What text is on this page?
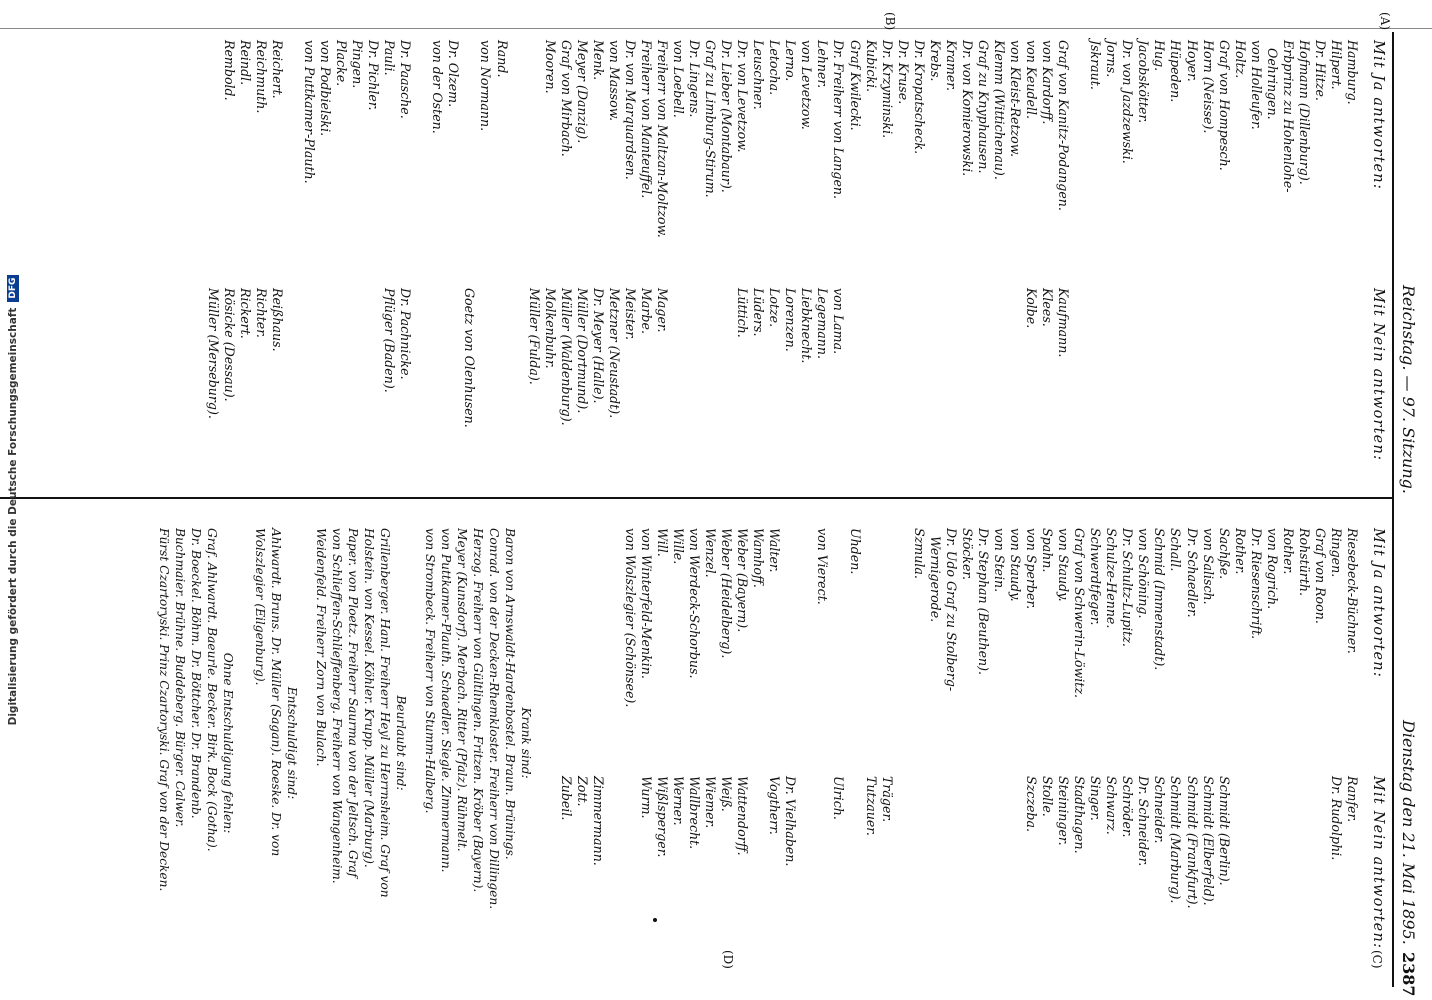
Reichstag. — 97. Sitzung.
Dienstag den 21. Mai 1895.
2387
(A)
(B)
(C)
(D)
Mit Ja antworten:
Mit Nein antworten:
Hamburg.
Hilpert.
Dr. Hitze.
Hofmann (Dillenburg).
Erbprinz zu Hohenlohe-
Oehringen.
von Holleufer.
Holtz.
Graf von Hompesch.
Horn (Neisse).
Hoyer.
Hüpeden.
Hug.
Jacobskötter.
Dr. von Jazdzewski.
Jorns.
Jskraut.
Graf von Kanitz-Podangen.
von Kardorff.
von Keudell.
von Kleist-Retzow.
Klemm (Wittichenau).
Graf zu Knyphausen.
Dr. von Komierowski.
Kramer.
Krebs.
Dr. Kropatscheck.
Dr. Kruse.
Dr. Krzyminski.
Kubicki.
Graf Kwilecki.
Dr. Freiherr von Langen.
Lehner.
von Levetzow.
Lerno.
Letocha.
Leuschner.
Dr. von Levetzow.
Dr. Lieber (Montabaur).
Graf zu Limburg-Stirum.
Dr. Lingens.
von Loebell.
Freiherr von Maltzan-Moltzow.
Freiherr von Manteuffel.
Dr. von Marquardsen.
von Massow.
Menk.
Meyer (Danzig).
Graf von Mirbach.
Mooren.
Rand.
von Normann.
Dr. Olzem.
von der Osten.
Dr. Paasche.
Pauli.
Dr. Pichler.
Pingen.
Placke.
von Podbielski.
von Puttkamer-Plauth.
Reichert.
Reichmuth.
Reindl.
Rembold.
Kaufmann.
Klees.
Kolbe.
von Lama.
Legemann.
Liebknecht.
Lorenzen.
Lotze.
Lüders.
Lüttich.
Mager.
Marbe.
Meister.
Metzner (Neustadt).
Dr. Meyer (Halle).
Müller (Dortmund).
Müller (Waldenburg).
Molkenbuhr.
Müller (Fulda).
Goetz von Olenhusen.
Dr. Pachnicke.
Pflüger (Baden).
Reißhaus.
Richter.
Rickert.
Rösicke (Dessau).
Müller (Merseburg).
Mit Ja antworten:
Mit Nein antworten:
Riesebeck-Büchner.
Ringen.
Graf von Roon.
Rohstürth.
Rother.
von Rogrich.
Dr. Riesenschrift.
Rother.
Sachße.
von Salisch.
Dr. Schaedler.
Schall.
Schmid (Immenstadt).
von Schöning.
Dr. Schultz-Lupitz.
Schulze-Henne.
Schwerdtfeger.
Graf von Schwerin-Löwitz.
von Staudy.
Spahn.
von Sperber.
von Staudy.
von Stein.
Dr. Stephan (Beuthen).
Stöcker.
Dr. Udo Graf zu Stolberg-
Wernigerode.
Szmula.
Uhden.
von Vierect.
Walter.
Wamhoff.
Weber (Bayern).
Weber (Heidelberg).
Wenzel.
von Werdeck-Schorbus.
Wille.
Will.
von Winterfeld-Menkin.
von Wolszlegier (Schönsee).
Ranfer.
Dr. Rudolphi.
Schmidt (Berlin).
Schmidt (Elberfeld).
Schmidt (Frankfurt).
Schmidt (Marburg).
Schneider.
Dr. Schneider.
Schröder.
Schwarz.
Singer.
Stadthagen.
Steininger.
Stolle.
Szczeba.
Träger.
Tutzauer.
Ulrich.
Dr. Vielhaben.
Vogtherr.
Wattendorff.
Weiß.
Wiemer.
Wallbrecht.
Werner.
Wißlsperger.
Wurm.
Zimmermann.
Zott.
Zubeil.
Krank sind:
Baron von Arnswaldt-Hardenbostel. Braun. Brünings.
Conrad. von der Decken-Rhemkloster. Freiherr von Dillingen.
Herzog. Freiherr von Gültlingen. Fritzen. Kröber (Bayern).
Meyer (Kunsdorf). Merbach. Ritter (Pfalz). Rühmelt.
von Puttkamer-Plauth. Schaedler. Siegle. Zimmermann.
von Strombeck. Freiherr von Stumm-Halberg.
Beurlaubt sind:
Grillenberger. Hanl. Freiherr Heyl zu Herrnsheim. Graf von
Holstein. von Kessel. Köhler. Krupp. Müller (Marburg).
Paper. von Ploetz. Freiherr Saurma von der Jeltsch. Graf
von Schlieffen-Schlieffenberg. Freiherr von Wangenheim.
Weidenfeld. Freiherr Zorn von Bulach.
Entschuldigt sind:
Ahlwardt. Bruns. Dr. Müller (Sagan). Roeske. Dr. von
Wolszlegier (Eilgenburg).
Ohne Entschuldigung fehlen:
Graf. Ahlwardt. Baeurle. Becker. Birk. Bock (Gotha).
Dr. Boeckel. Böhm. Dr. Böttcher. Dr. Brandenb.
Buchmaier. Brühne. Buddeberg. Bürger. Calwer.
Fürst Czartoryski. Prinz Czartoryski. Graf von der Decken.
Digitalisierung gefördert durch die Deutsche Forschungsgemeinschaft
DFG
